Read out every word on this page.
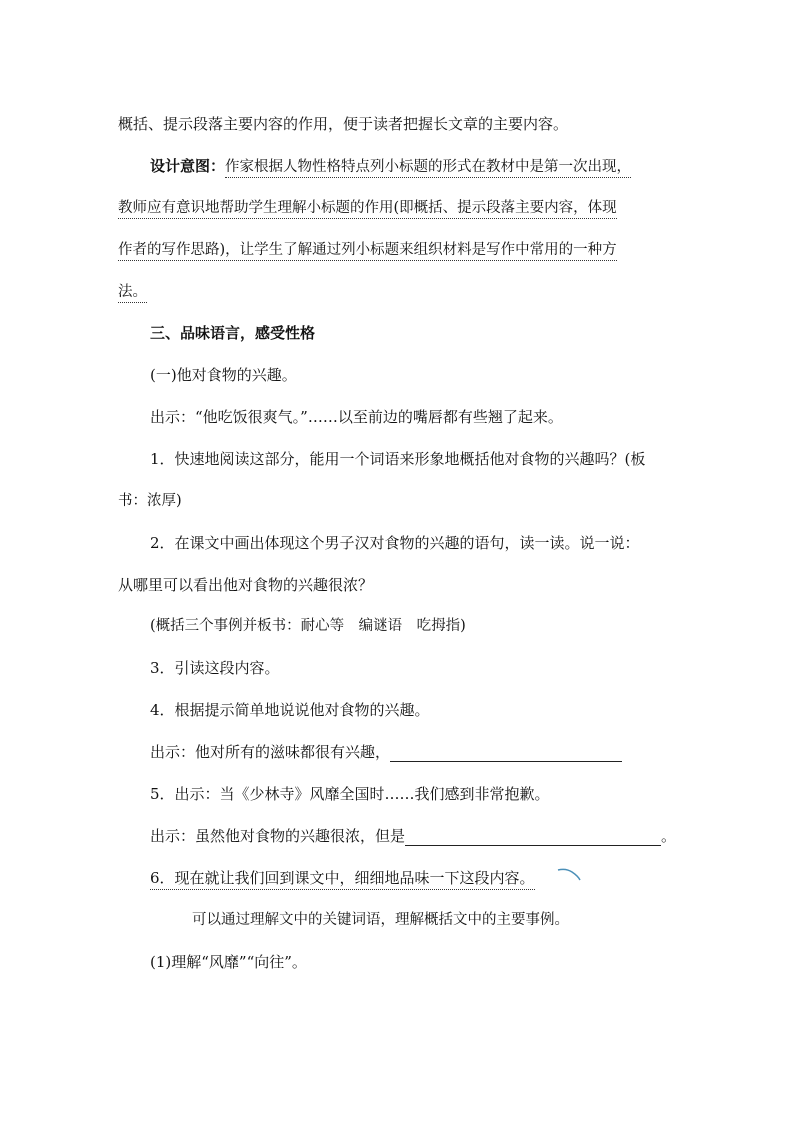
概括、提示段落主要内容的作用，便于读者把握长文章的主要内容。
设计意图：作家根据人物性格特点列小标题的形式在教材中是第一次出现，
教师应有意识地帮助学生理解小标题的作用(即概括、提示段落主要内容，体现
作者的写作思路)，让学生了解通过列小标题来组织材料是写作中常用的一种方
法。
三、品味语言，感受性格
(一)他对食物的兴趣。
出示：“他吃饭很爽气。”……以至前边的嘴唇都有些翘了起来。
1．快速地阅读这部分，能用一个词语来形象地概括他对食物的兴趣吗？(板
书：浓厚)
2．在课文中画出体现这个男子汉对食物的兴趣的语句，读一读。说一说：
从哪里可以看出他对食物的兴趣很浓？
(概括三个事例并板书：耐心等　编谜语　吃拇指)
3．引读这段内容。
4．根据提示简单地说说他对食物的兴趣。
出示：他对所有的滋味都很有兴趣，
5．出示：当《少林寺》风靡全国时……我们感到非常抱歉。
出示：虽然他对食物的兴趣很浓，但是	。
6．现在就让我们回到课文中，细细地品味一下这段内容。
可以通过理解文中的关键词语，理解概括文中的主要事例。
(1)理解“风靡”“向往”。
